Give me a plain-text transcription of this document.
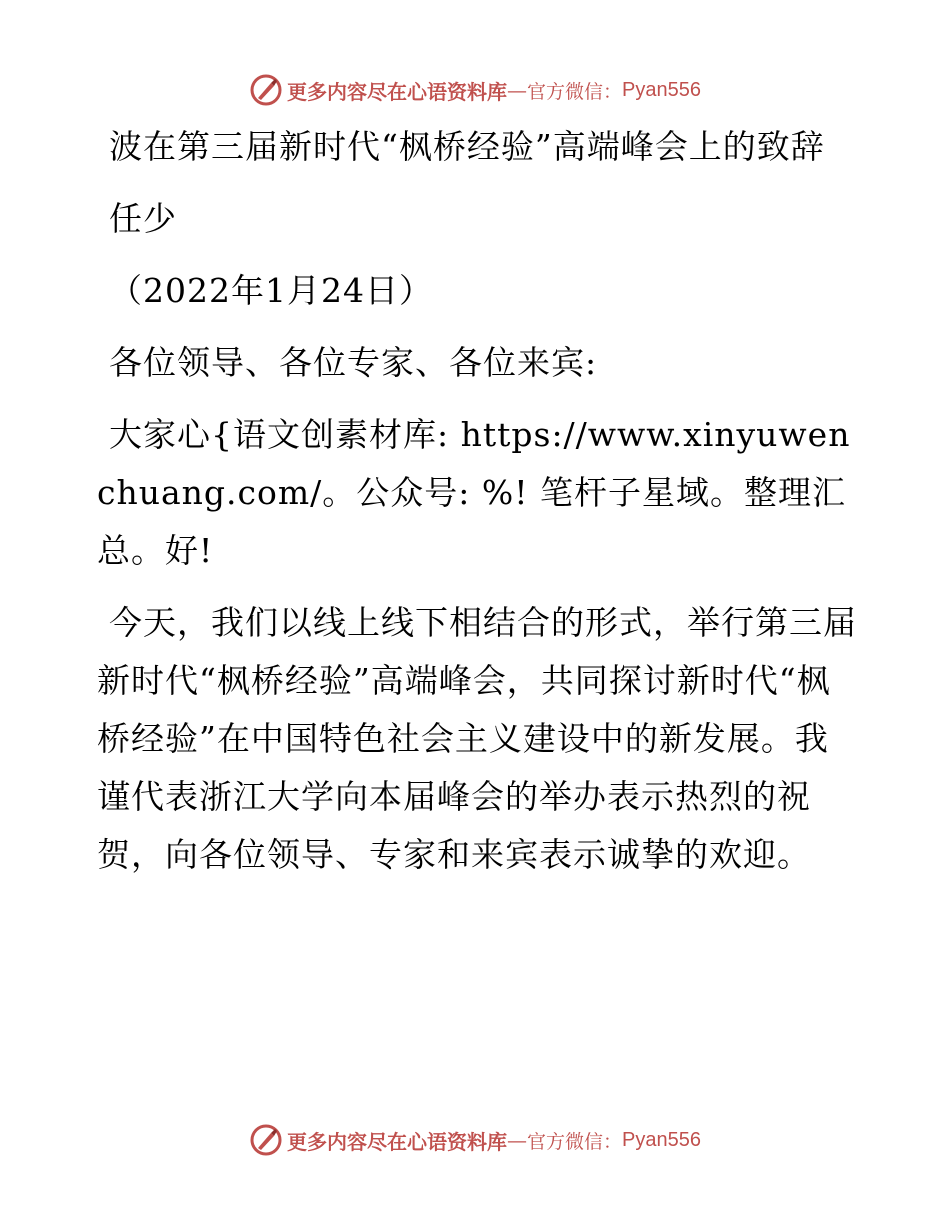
更多内容尽在心语资料库 — 官方微信： Pyan556

波在第三届新时代“枫桥经验”高端峰会上的致辞

任少

（2022年1月24日）

各位领导、各位专家、各位来宾:

大家心{语文创素材库: https://www.xinyuwenchuang.com/。公众号: %! 笔杆子星域。整理汇总。好!

今天，我们以线上线下相结合的形式，举行第三届新时代“枫桥经验”高端峰会，共同探讨新时代“枫桥经验”在中国特色社会主义建设中的新发展。我谨代表浙江大学向本届峰会的举办表示热烈的祝贺，向各位领导、专家和来宾表示诚挚的欢迎。

更多内容尽在心语资料库 — 官方微信： Pyan556
